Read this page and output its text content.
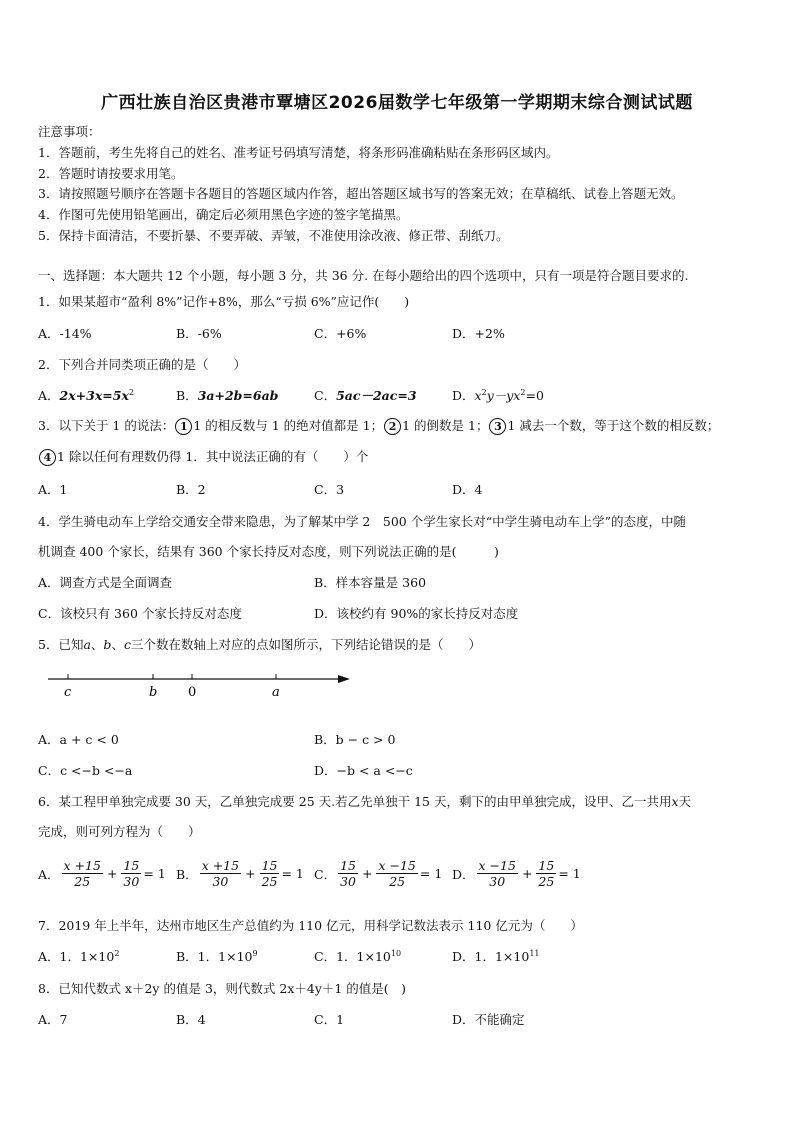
广西壮族自治区贵港市覃塘区2026届数学七年级第一学期期末综合测试试题
注意事项：
1．答题前，考生先将自己的姓名、准考证号码填写清楚，将条形码准确粘贴在条形码区域内。
2．答题时请按要求用笔。
3．请按照题号顺序在答题卡各题目的答题区域内作答，超出答题区域书写的答案无效；在草稿纸、试卷上答题无效。
4．作图可先使用铅笔画出，确定后必须用黑色字迹的签字笔描黑。
5．保持卡面清洁，不要折暴、不要弄破、弄皱，不准使用涂改液、修正带、刮纸刀。
一、选择题：本大题共 12 个小题，每小题 3 分，共 36 分. 在每小题给出的四个选项中，只有一项是符合题目要求的.
1．如果某超市“盈利 8%”记作+8%，那么“亏损 6%”应记作(　　)
A．-14%	B．-6%	C．+6%	D．+2%
2．下列合并同类项正确的是（　　）
A．$2x+3x=5x^2$	B．3a+2b=6ab	C．5ac－2ac=3	D．$x^2y-yx^2=0$
3．以下关于 1 的说法： 1 1 的相反数与 1 的绝对值都是 1； 2 1 的倒数是 1； 3 1 减去一个数，等于这个数的相反数；
4 1 除以任何有理数仍得 1．其中说法正确的有（　　）个
A．1	B．2	C．3	D．4
4．学生骑电动车上学给交通安全带来隐患，为了解某中学 2　500 个学生家长对“中学生骑电动车上学”的态度，中随
机调查 400 个家长，结果有 360 个家长持反对态度，则下列说法正确的是(　　　)
A．调查方式是全面调查	B．样本容量是 360
C．该校只有 360 个家长持反对态度	D．该校约有 90%的家长持反对态度
5．已知a、b、c三个数在数轴上对应的点如图所示，下列结论错误的是（　　）
c	b 0	a
A．a + c < 0	B．b − c > 0
C．c <−b <−a	D．−b < a <−c
6．某工程甲单独完成要 30 天，乙单独完成要 25 天.若乙先单独干 15 天，剩下的由甲单独完成，设甲、乙一共用x天
完成，则可列方程为（　　）
A． $\frac{x +15}{25} + \frac{15}{30} = 1$ B． $\frac{x +15}{30} + \frac{15}{25} = 1$ C． $\frac{15}{30} + \frac{x -15}{25} = 1$ D． $\frac{x -15}{30} + \frac{15}{25} = 1$
7．2019 年上半年，达州市地区生产总值约为 110 亿元，用科学记数法表示 110 亿元为（　　）
A．1．$1\times 10^2$	B．1．$1\times 10^9$	C．1．$1\times 10^{10}$	D．1．$1\times 10^{11}$
8．已知代数式 x＋2y 的值是 3，则代数式 2x＋4y＋1 的值是(　)
A．7	B．4	C．1	D．不能确定
